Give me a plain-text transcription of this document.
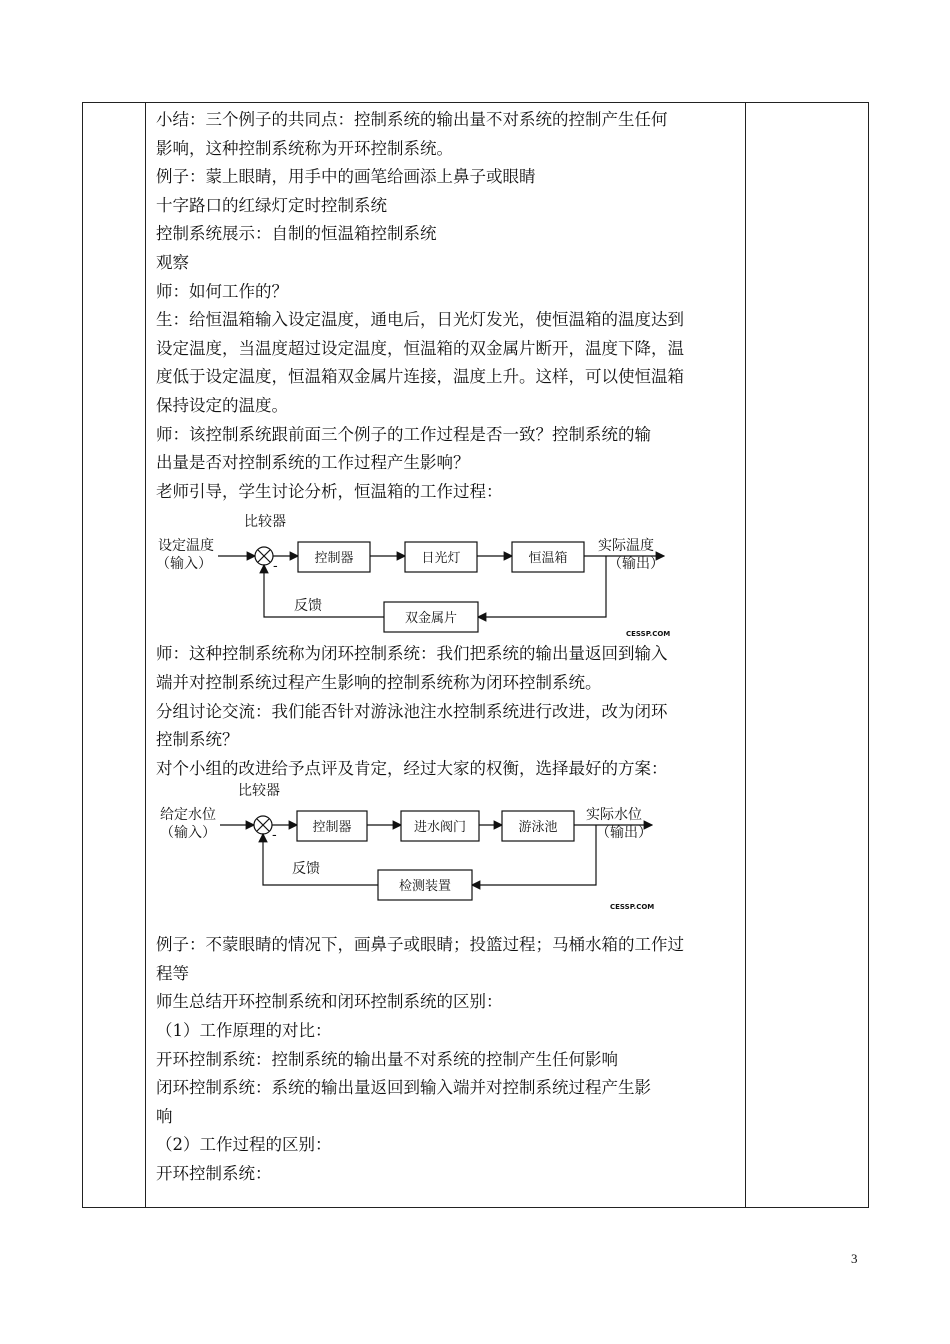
小结：三个例子的共同点：控制系统的输出量不对系统的控制产生任何
影响，这种控制系统称为开环控制系统。
例子：蒙上眼睛，用手中的画笔给画添上鼻子或眼睛
十字路口的红绿灯定时控制系统
控制系统展示：自制的恒温箱控制系统
观察
师：如何工作的？
生：给恒温箱输入设定温度，通电后，日光灯发光，使恒温箱的温度达到
设定温度，当温度超过设定温度，恒温箱的双金属片断开，温度下降，温
度低于设定温度，恒温箱双金属片连接，温度上升。这样，可以使恒温箱
保持设定的温度。
师：该控制系统跟前面三个例子的工作过程是否一致？控制系统的输
出量是否对控制系统的工作过程产生影响？
老师引导，学生讨论分析，恒温箱的工作过程：
比较器
设定温度
（输入）	-
控制器	日光灯	恒温箱
实际温度
（输出）
双金属片
反馈
CESSP.COM
师：这种控制系统称为闭环控制系统：我们把系统的输出量返回到输入
端并对控制系统过程产生影响的控制系统称为闭环控制系统。
分组讨论交流：我们能否针对游泳池注水控制系统进行改进，改为闭环
控制系统？
对个小组的改进给予点评及肯定，经过大家的权衡，选择最好的方案：
比较器
给定水位
（输入）	-
控制器	进水阀门	游泳池
实际水位
（输出）
检测装置
反馈
CESSP.COM
例子：不蒙眼睛的情况下，画鼻子或眼睛；投篮过程；马桶水箱的工作过
程等
师生总结开环控制系统和闭环控制系统的区别：
（1）工作原理的对比：
开环控制系统：控制系统的输出量不对系统的控制产生任何影响
闭环控制系统：系统的输出量返回到输入端并对控制系统过程产生影
响
（2）工作过程的区别：
开环控制系统：
3
